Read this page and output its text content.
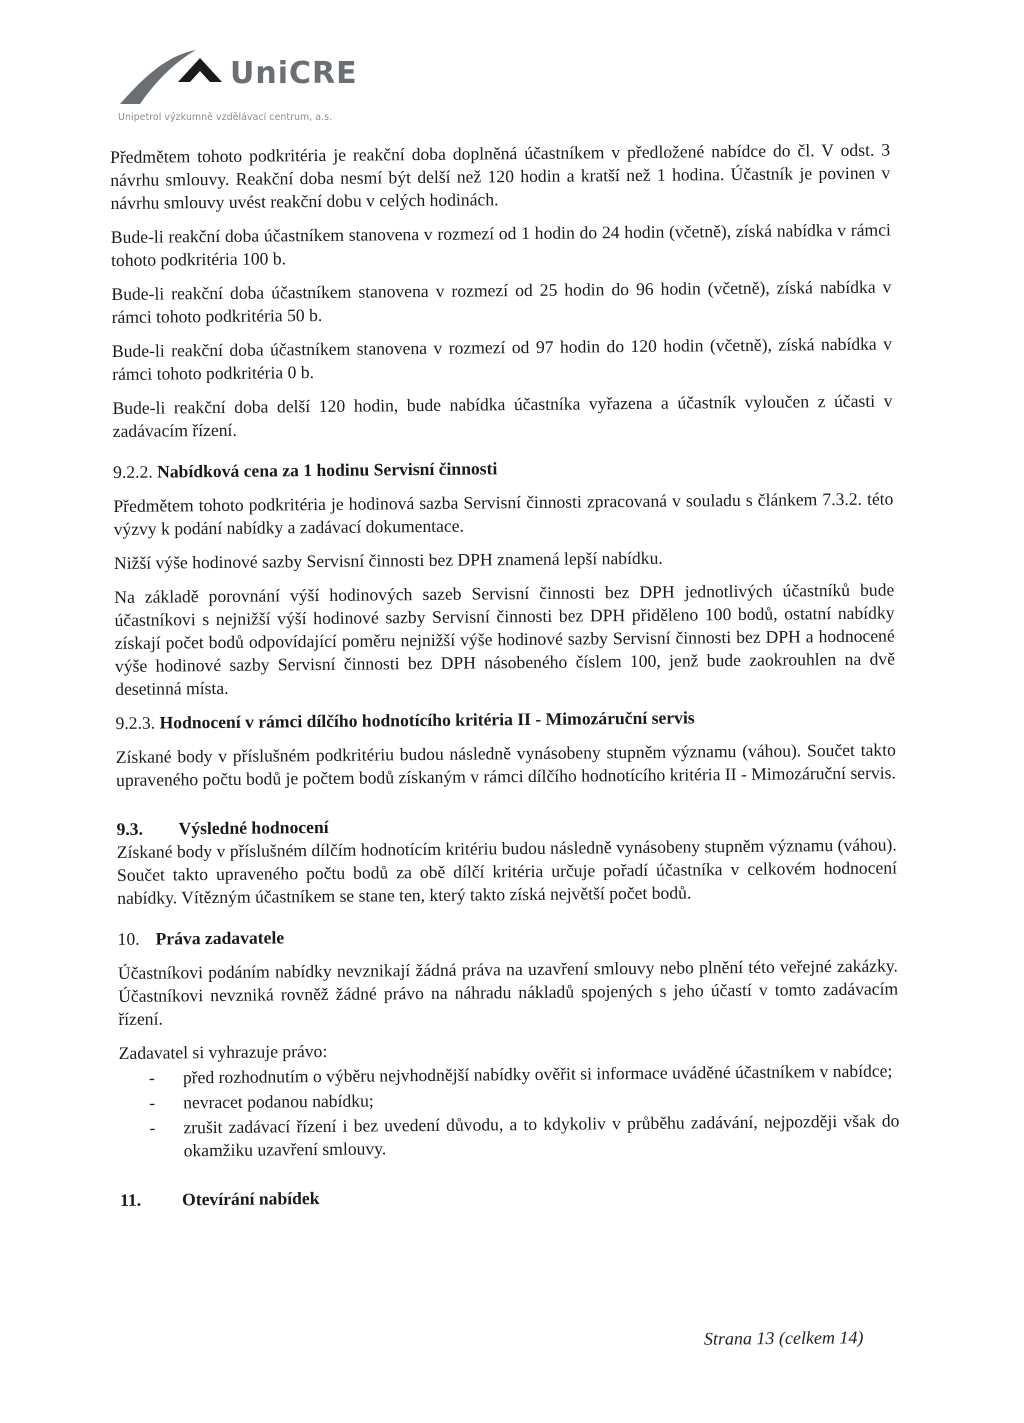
UniCRE
Unipetrol výzkumně vzdělávací centrum, a.s.

Předmětem tohoto podkritéria je reakční doba doplněná účastníkem v předložené nabídce do čl. V odst. 3 návrhu smlouvy. Reakční doba nesmí být delší než 120 hodin a kratší než 1 hodina. Účastník je povinen v návrhu smlouvy uvést reakční dobu v celých hodinách.

Bude-li reakční doba účastníkem stanovena v rozmezí od 1 hodin do 24 hodin (včetně), získá nabídka v rámci tohoto podkritéria 100 b.

Bude-li reakční doba účastníkem stanovena v rozmezí od 25 hodin do 96 hodin (včetně), získá nabídka v rámci tohoto podkritéria 50 b.

Bude-li reakční doba účastníkem stanovena v rozmezí od 97 hodin do 120 hodin (včetně), získá nabídka v rámci tohoto podkritéria 0 b.

Bude-li reakční doba delší 120 hodin, bude nabídka účastníka vyřazena a účastník vyloučen z účasti v zadávacím řízení.

9.2.2. Nabídková cena za 1 hodinu Servisní činnosti

Předmětem tohoto podkritéria je hodinová sazba Servisní činnosti zpracovaná v souladu s článkem 7.3.2. této výzvy k podání nabídky a zadávací dokumentace.

Nižší výše hodinové sazby Servisní činnosti bez DPH znamená lepší nabídku.

Na základě porovnání výší hodinových sazeb Servisní činnosti bez DPH jednotlivých účastníků bude účastníkovi s nejnižší výší hodinové sazby Servisní činnosti bez DPH přiděleno 100 bodů, ostatní nabídky získají počet bodů odpovídající poměru nejnižší výše hodinové sazby Servisní činnosti bez DPH a hodnocené výše hodinové sazby Servisní činnosti bez DPH násobeného číslem 100, jenž bude zaokrouhlen na dvě desetinná místa.

9.2.3. Hodnocení v rámci dílčího hodnotícího kritéria II - Mimozáruční servis

Získané body v příslušném podkritériu budou následně vynásobeny stupněm významu (váhou). Součet takto upraveného počtu bodů je počtem bodů získaným v rámci dílčího hodnotícího kritéria II - Mimozáruční servis.

9.3. Výsledné hodnocení

Získané body v příslušném dílčím hodnotícím kritériu budou následně vynásobeny stupněm významu (váhou). Součet takto upraveného počtu bodů za obě dílčí kritéria určuje pořadí účastníka v celkovém hodnocení nabídky. Vítězným účastníkem se stane ten, který takto získá největší počet bodů.

10. Práva zadavatele

Účastníkovi podáním nabídky nevznikají žádná práva na uzavření smlouvy nebo plnění této veřejné zakázky. Účastníkovi nevzniká rovněž žádné právo na náhradu nákladů spojených s jeho účastí v tomto zadávacím řízení.

Zadavatel si vyhrazuje právo:

- před rozhodnutím o výběru nejvhodnější nabídky ověřit si informace uváděné účastníkem v nabídce;
- nevracet podanou nabídku;
- zrušit zadávací řízení i bez uvedení důvodu, a to kdykoliv v průběhu zadávání, nejpozději však do okamžiku uzavření smlouvy.
11. Otevírání nabídek
Strana 13 (celkem 14)
